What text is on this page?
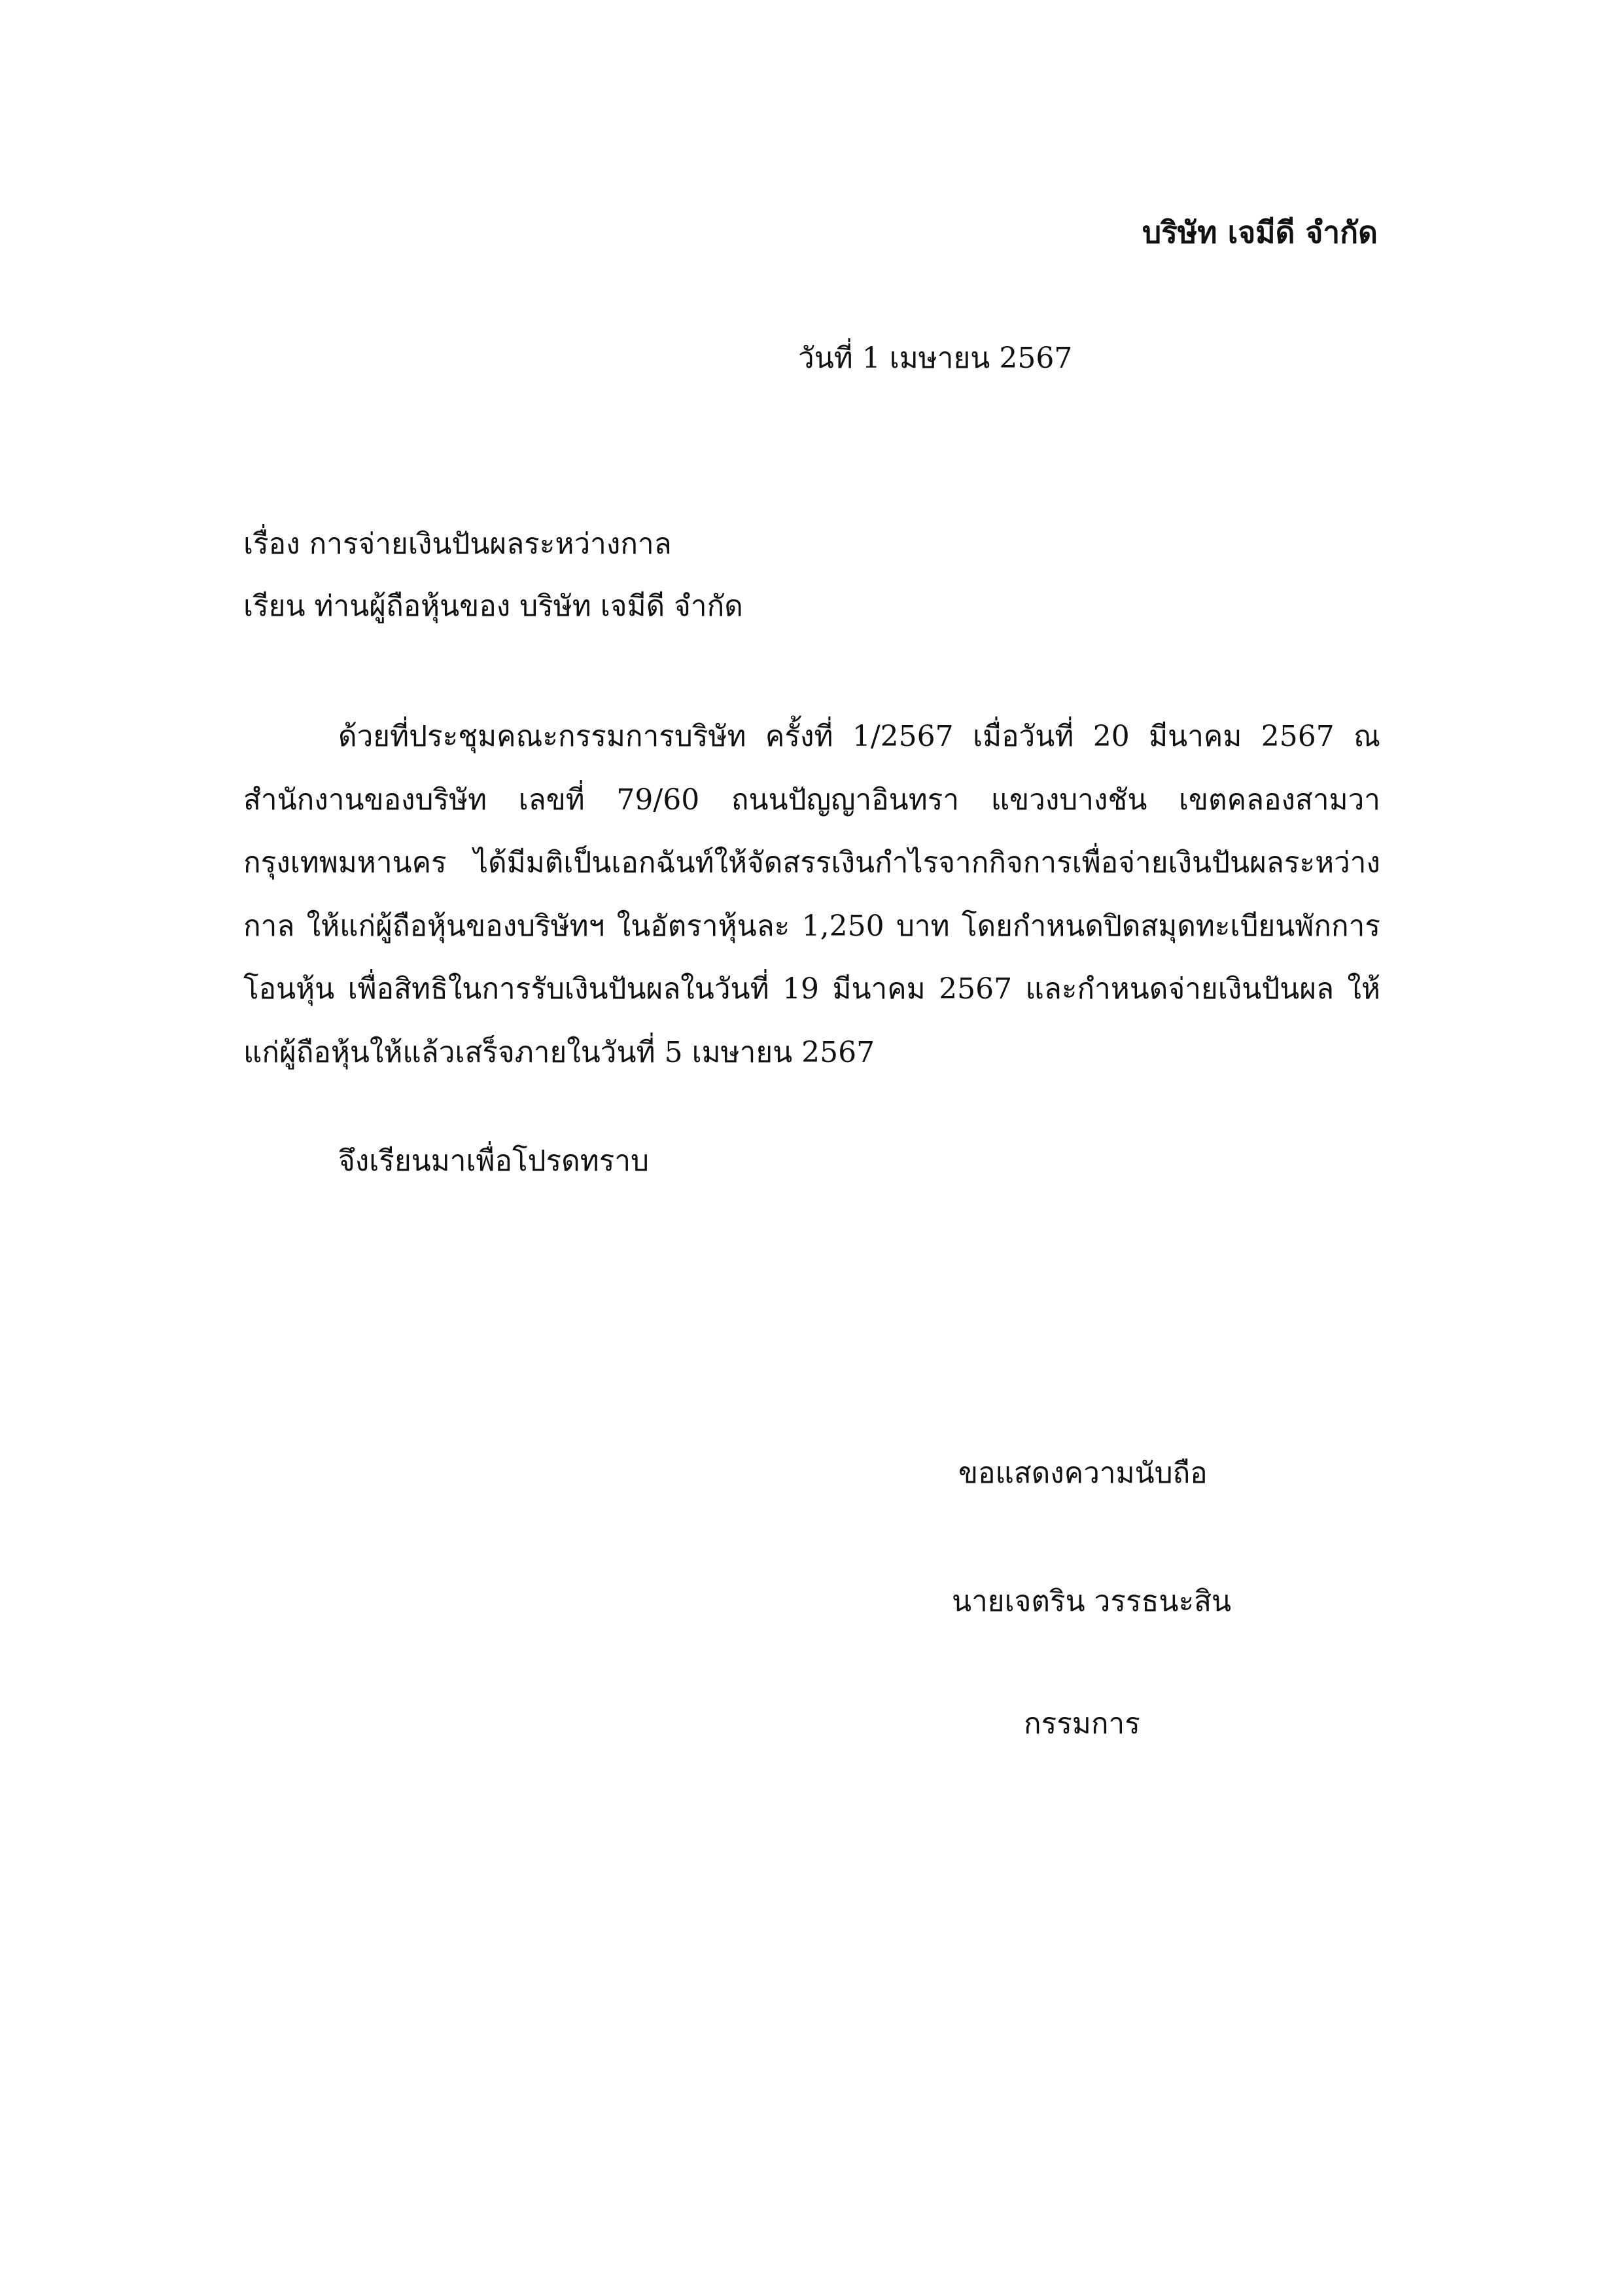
บริษัท เจมีดี จำกัด
วันที่ 1 เมษายน 2567
เรื่อง การจ่ายเงินปันผลระหว่างกาล
เรียน ท่านผู้ถือหุ้นของ บริษัท เจมีดี จำกัด
ด้วยที่ประชุมคณะกรรมการบริษัท ครั้งที่ 1/2567 เมื่อวันที่ 20 มีนาคม 2567 ณ สำนักงานของบริษัท เลขที่ 79/60 ถนนปัญญาอินทรา แขวงบางชัน เขตคลองสามวา กรุงเทพมหานคร ได้มีมติเป็นเอกฉันท์ให้จัดสรรเงินกำไรจากกิจการเพื่อจ่ายเงินปันผลระหว่างกาล ให้แก่ผู้ถือหุ้นของบริษัทฯ ในอัตราหุ้นละ 1,250 บาท โดยกำหนดปิดสมุดทะเบียนพักการโอนหุ้น เพื่อสิทธิในการรับเงินปันผลในวันที่ 19 มีนาคม 2567 และกำหนดจ่ายเงินปันผล ให้แก่ผู้ถือหุ้นให้แล้วเสร็จภายในวันที่ 5 เมษายน 2567
จึงเรียนมาเพื่อโปรดทราบ
ขอแสดงความนับถือ
นายเจตริน วรรธนะสิน
กรรมการ
